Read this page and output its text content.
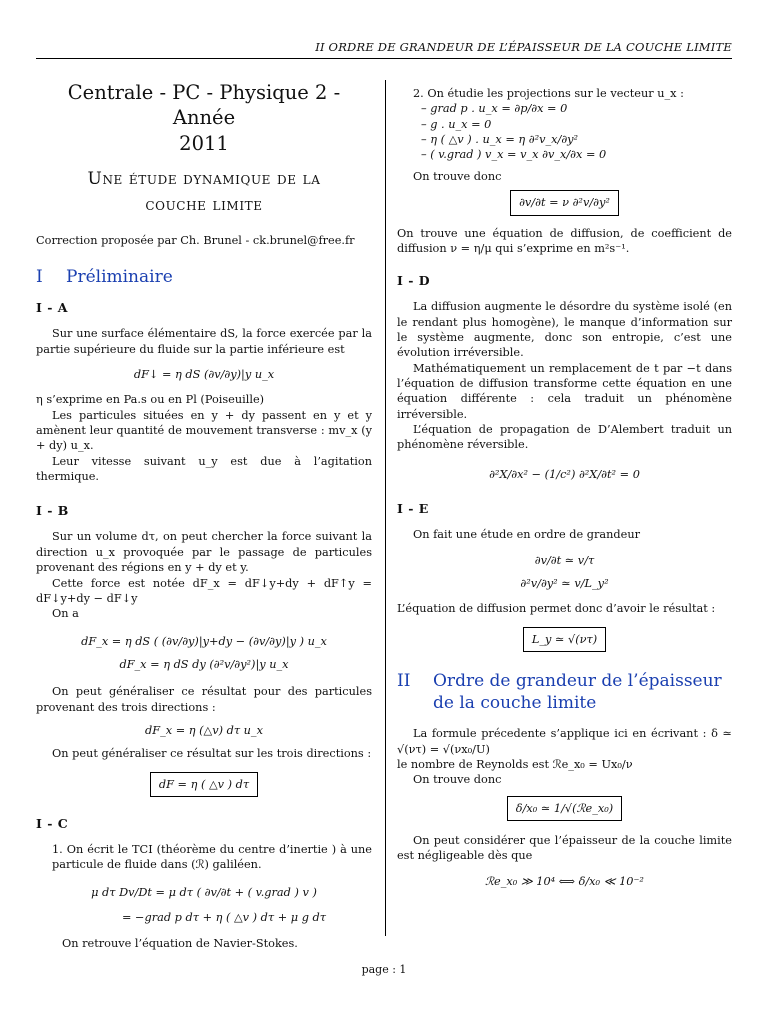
II ORDRE DE GRANDEUR DE L’ÉPAISSEUR DE LA COUCHE LIMITE
Centrale - PC - Physique 2 - Année
2011
Une étude dynamique de la
couche limite

Correction proposée par Ch. Brunel - ck.brunel@free.fr

I Préliminaire
I - A

Sur une surface élémentaire dS, la force exercée par la partie supérieure du fluide sur la partie inférieure est

dF↓ = η dS (∂v/∂y)|y u_x

η s’exprime en Pa.s ou en Pl (Poiseuille)

Les particules situées en y + dy passent en y et y amènent leur quantité de mouvement transverse : mv_x (y + dy) u_x.

Leur vitesse suivant u_y est due à l’agitation thermique.

I - B

Sur un volume dτ, on peut chercher la force suivant la direction u_x provoquée par le passage de particules provenant des régions en y + dy et y.

Cette force est notée dF_x = dF↓y+dy + dF↑y = dF↓y+dy − dF↓y

On a

dF_x = η dS ( (∂v/∂y)|y+dy − (∂v/∂y)|y ) u_x
dF_x = η dS dy (∂²v/∂y²)|y u_x

On peut généraliser ce résultat pour des particules provenant des trois directions :

dF_x = η (△v) dτ u_x

On peut généraliser ce résultat sur les trois directions :

dF = η ( △v ) dτ
I - C

1. On écrit le TCI (théorème du centre d’inertie ) à une particule de fluide dans (ℛ) galiléen.

μ dτ Dv/Dt = μ dτ ( ∂v/∂t + ( v.grad ) v )
= −grad p dτ + η ( △v ) dτ + μ g dτ

On retrouve l’équation de Navier-Stokes.

2. On étudie les projections sur le vecteur u_x :

– grad p . u_x = ∂p/∂x = 0
– g . u_x = 0
– η ( △v ) . u_x = η ∂²v_x/∂y²
– ( v.grad ) v_x = v_x ∂v_x/∂x = 0

On trouve donc

∂v/∂t = ν ∂²v/∂y²

On trouve une équation de diffusion, de coefficient de diffusion ν = η/μ qui s’exprime en m²s⁻¹.

I - D

La diffusion augmente le désordre du système isolé (en le rendant plus homogène), le manque d’information sur le système augmente, donc son entropie, c’est une évolution irréversible.

Mathématiquement un remplacement de t par −t dans l’équation de diffusion transforme cette équation en une équation différente : cela traduit un phénomène irréversible.

L’équation de propagation de D’Alembert traduit un phénomène réversible.

∂²X/∂x² − (1/c²) ∂²X/∂t² = 0
I - E

On fait une étude en ordre de grandeur

∂v/∂t ≃ v/τ
∂²v/∂y² ≃ v/L_y²

L’équation de diffusion permet donc d’avoir le résultat :

L_y ≃ √(ντ)
II	Ordre de grandeur de l’épaisseur de la couche limite

La formule précedente s’applique ici en écrivant : δ ≃ √(ντ) = √(νx₀/U)

le nombre de Reynolds est ℛe_x₀ = Ux₀/ν

On trouve donc

δ/x₀ ≃ 1/√(ℛe_x₀)

On peut considérer que l’épaisseur de la couche limite est négligeable dès que

ℛe_x₀ ≫ 10⁴ ⟺ δ/x₀ ≪ 10⁻²
page : 1
